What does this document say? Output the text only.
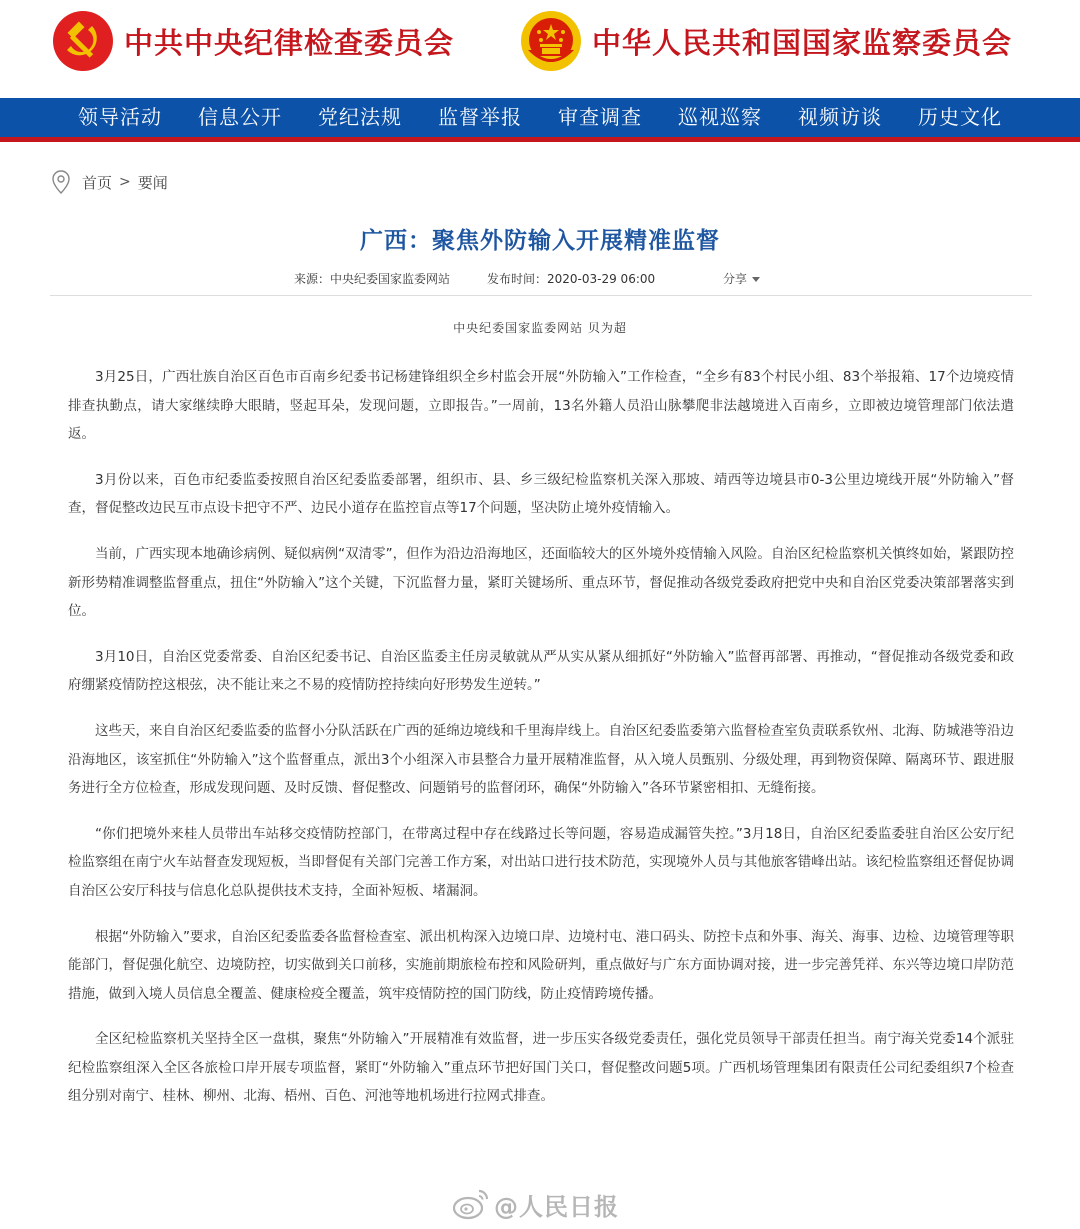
中共中央纪律检查委员会	中华人民共和国国家监察委员会
领导活动	信息公开	党纪法规	监督举报	审查调查	巡视巡察	视频访谈	历史文化
首页 > 要闻
广西：聚焦外防输入开展精准监督
来源：中央纪委国家监委网站	发布时间：2020-03-29 06:00	分享
中央纪委国家监委网站 贝为超

3月25日，广西壮族自治区百色市百南乡纪委书记杨建锋组织全乡村监会开展“外防输入”工作检查，“全乡有83个村民小组、83个举报箱、17个边境疫情排查执勤点，请大家继续睁大眼睛，竖起耳朵，发现问题，立即报告。”一周前，13名外籍人员沿山脉攀爬非法越境进入百南乡，立即被边境管理部门依法遣返。

3月份以来，百色市纪委监委按照自治区纪委监委部署，组织市、县、乡三级纪检监察机关深入那坡、靖西等边境县市0-3公里边境线开展“外防输入”督查，督促整改边民互市点设卡把守不严、边民小道存在监控盲点等17个问题，坚决防止境外疫情输入。

当前，广西实现本地确诊病例、疑似病例“双清零”，但作为沿边沿海地区，还面临较大的区外境外疫情输入风险。自治区纪检监察机关慎终如始，紧跟防控新形势精准调整监督重点，扭住“外防输入”这个关键，下沉监督力量，紧盯关键场所、重点环节，督促推动各级党委政府把党中央和自治区党委决策部署落实到位。

3月10日，自治区党委常委、自治区纪委书记、自治区监委主任房灵敏就从严从实从紧从细抓好“外防输入”监督再部署、再推动，“督促推动各级党委和政府绷紧疫情防控这根弦，决不能让来之不易的疫情防控持续向好形势发生逆转。”

这些天，来自自治区纪委监委的监督小分队活跃在广西的延绵边境线和千里海岸线上。自治区纪委监委第六监督检查室负责联系钦州、北海、防城港等沿边沿海地区，该室抓住“外防输入”这个监督重点，派出3个小组深入市县整合力量开展精准监督，从入境人员甄别、分级处理，再到物资保障、隔离环节、跟进服务进行全方位检查，形成发现问题、及时反馈、督促整改、问题销号的监督闭环，确保“外防输入”各环节紧密相扣、无缝衔接。

“你们把境外来桂人员带出车站移交疫情防控部门，在带离过程中存在线路过长等问题，容易造成漏管失控。”3月18日，自治区纪委监委驻自治区公安厅纪检监察组在南宁火车站督查发现短板，当即督促有关部门完善工作方案，对出站口进行技术防范，实现境外人员与其他旅客错峰出站。该纪检监察组还督促协调自治区公安厅科技与信息化总队提供技术支持，全面补短板、堵漏洞。

根据“外防输入”要求，自治区纪委监委各监督检查室、派出机构深入边境口岸、边境村屯、港口码头、防控卡点和外事、海关、海事、边检、边境管理等职能部门，督促强化航空、边境防控，切实做到关口前移，实施前期旅检布控和风险研判，重点做好与广东方面协调对接，进一步完善凭祥、东兴等边境口岸防范措施，做到入境人员信息全覆盖、健康检疫全覆盖，筑牢疫情防控的国门防线，防止疫情跨境传播。

全区纪检监察机关坚持全区一盘棋，聚焦“外防输入”开展精准有效监督，进一步压实各级党委责任，强化党员领导干部责任担当。南宁海关党委14个派驻纪检监察组深入全区各旅检口岸开展专项监督，紧盯“外防输入”重点环节把好国门关口，督促整改问题5项。广西机场管理集团有限责任公司纪委组织7个检查组分别对南宁、桂林、柳州、北海、梧州、百色、河池等地机场进行拉网式排查。

@人民日报
